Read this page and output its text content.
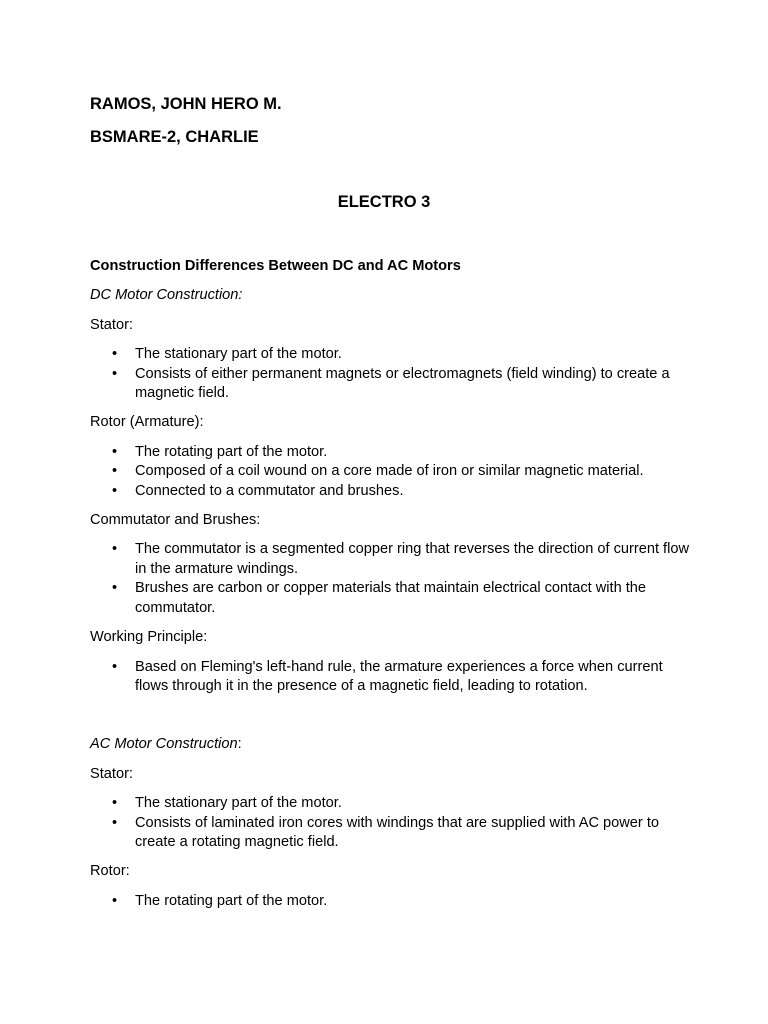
RAMOS, JOHN HERO M.

BSMARE-2, CHARLIE

ELECTRO 3

Construction Differences Between DC and AC Motors

DC Motor Construction:

Stator:

• The stationary part of the motor.
• Consists of either permanent magnets or electromagnets (field winding) to create a magnetic field.

Rotor (Armature):

• The rotating part of the motor.
• Composed of a coil wound on a core made of iron or similar magnetic material.
• Connected to a commutator and brushes.

Commutator and Brushes:

• The commutator is a segmented copper ring that reverses the direction of current flow in the armature windings.
• Brushes are carbon or copper materials that maintain electrical contact with the commutator.

Working Principle:

• Based on Fleming's left-hand rule, the armature experiences a force when current flows through it in the presence of a magnetic field, leading to rotation.

AC Motor Construction:

Stator:

• The stationary part of the motor.
• Consists of laminated iron cores with windings that are supplied with AC power to create a rotating magnetic field.

Rotor:

• The rotating part of the motor.
